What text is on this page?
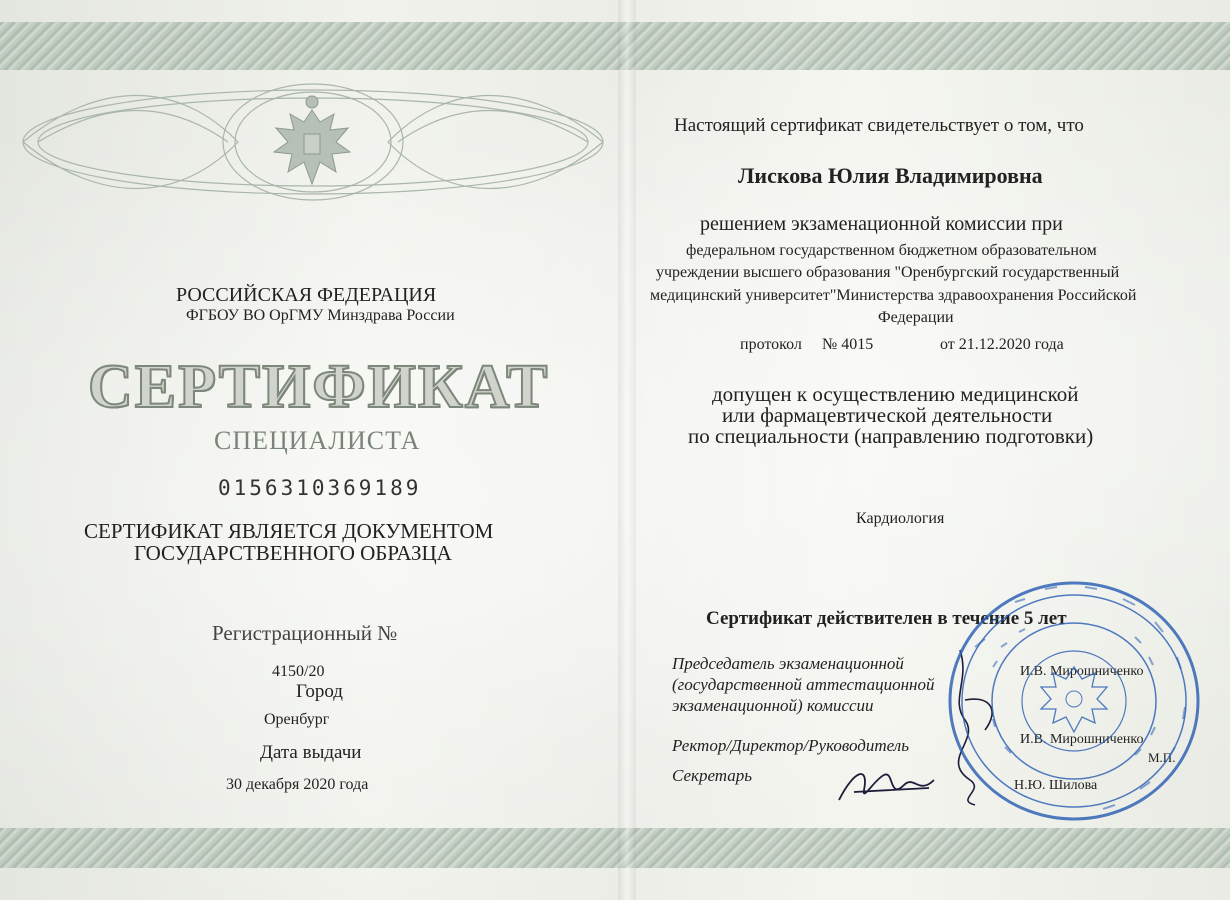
РОССИЙСКАЯ ФЕДЕРАЦИЯ
ФГБОУ ВО ОрГМУ Минздрава России
СЕРТИФИКАТ
СПЕЦИАЛИСТА
0156310369189
СЕРТИФИКАТ ЯВЛЯЕТСЯ ДОКУМЕНТОМ
ГОСУДАРСТВЕННОГО ОБРАЗЦА
Регистрационный №
4150/20
Город
Оренбург
Дата выдачи
30 декабря 2020 года
Настоящий сертификат свидетельствует о том, что
Лискова Юлия Владимировна
решением экзаменационной комиссии при
федеральном государственном бюджетном образовательном
учреждении высшего образования "Оренбургский государственный
медицинский университет"Министерства здравоохранения Российской
Федерации
протокол № 4015	от 21.12.2020 года
допущен к осуществлению медицинской
или фармацевтической деятельности
по специальности (направлению подготовки)
Кардиология
Сертификат действителен в течение 5 лет
Председатель экзаменационной
(государственной аттестационной
экзаменационной) комиссии
И.В. Мирошниченко
Ректор/Директор/Руководитель	И.В. Мирошниченко
М.П.
Секретарь
Н.Ю. Шилова
